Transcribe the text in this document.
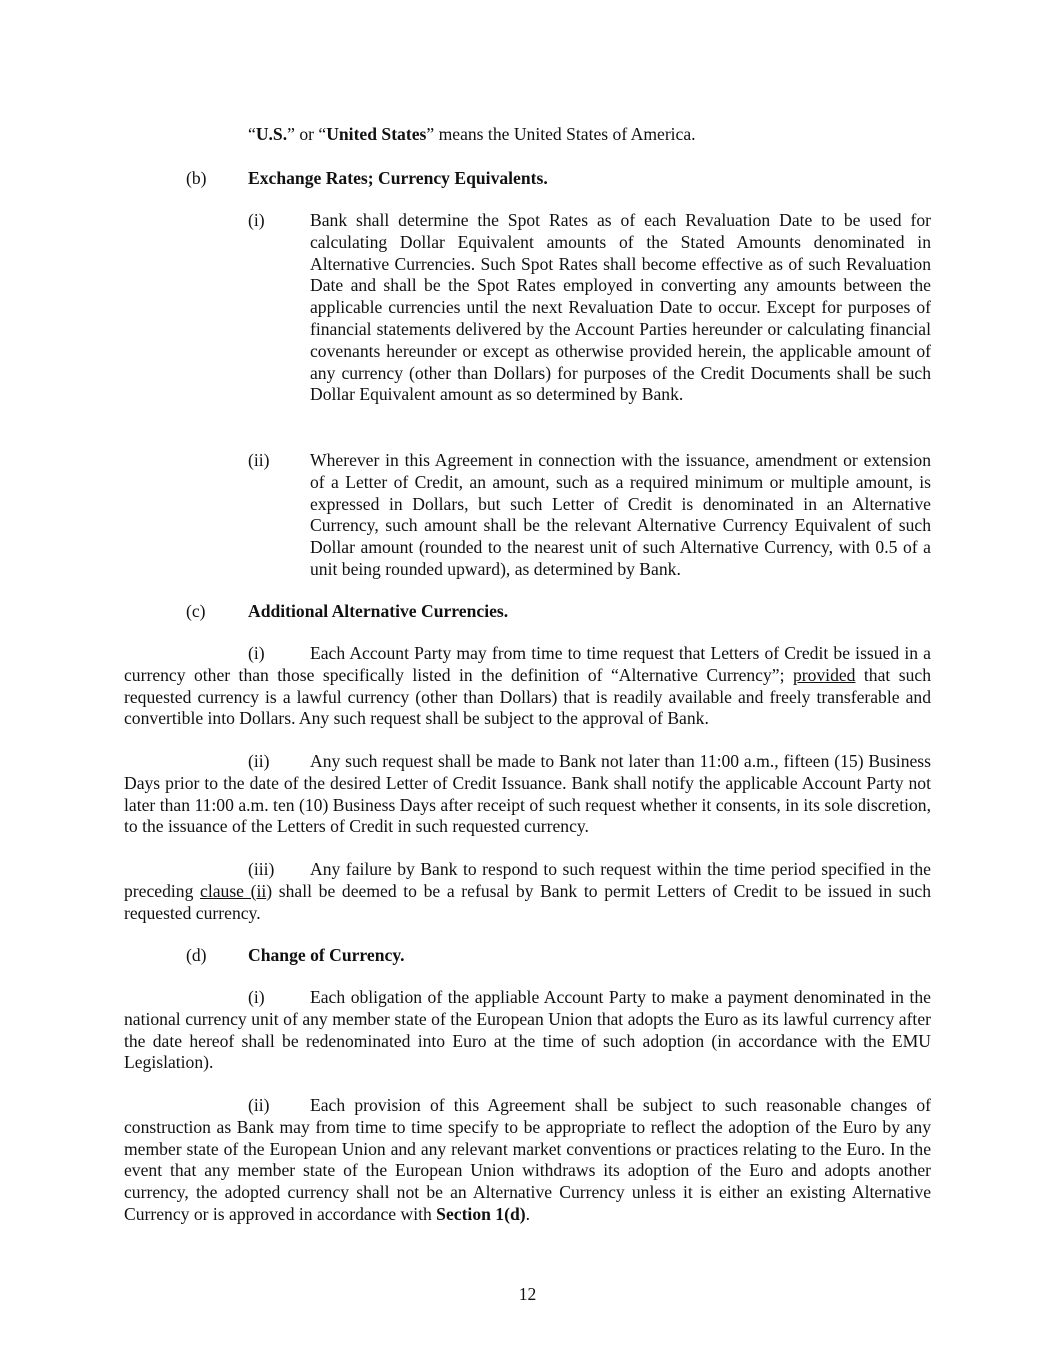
“U.S.” or “United States” means the United States of America.
(b) Exchange Rates; Currency Equivalents.
(i)	Bank shall determine the Spot Rates as of each Revaluation Date to be used for calculating Dollar Equivalent amounts of the Stated Amounts denominated in Alternative Currencies. Such Spot Rates shall become effective as of such Revaluation Date and shall be the Spot Rates employed in converting any amounts between the applicable currencies until the next Revaluation Date to occur. Except for purposes of financial statements delivered by the Account Parties hereunder or calculating financial covenants hereunder or except as otherwise provided herein, the applicable amount of any currency (other than Dollars) for purposes of the Credit Documents shall be such Dollar Equivalent amount as so determined by Bank.
(ii) Wherever in this Agreement in connection with the issuance, amendment or extension of a Letter of Credit, an amount, such as a required minimum or multiple amount, is expressed in Dollars, but such Letter of Credit is denominated in an Alternative Currency, such amount shall be the relevant Alternative Currency Equivalent of such Dollar amount (rounded to the nearest unit of such Alternative Currency, with 0.5 of a unit being rounded upward), as determined by Bank.
(c) Additional Alternative Currencies.
(i)	Each Account Party may from time to time request that Letters of Credit be issued in a currency other than those specifically listed in the definition of “Alternative Currency”; provided that such requested currency is a lawful currency (other than Dollars) that is readily available and freely transferable and convertible into Dollars. Any such request shall be subject to the approval of Bank.
(ii) Any such request shall be made to Bank not later than 11:00 a.m., fifteen (15) Business Days prior to the date of the desired Letter of Credit Issuance. Bank shall notify the applicable Account Party not later than 11:00 a.m. ten (10) Business Days after receipt of such request whether it consents, in its sole discretion, to the issuance of the Letters of Credit in such requested currency.
(iii) Any failure by Bank to respond to such request within the time period specified in the preceding clause (ii) shall be deemed to be a refusal by Bank to permit Letters of Credit to be issued in such requested currency.
(d) Change of Currency.
(i)	Each obligation of the appliable Account Party to make a payment denominated in the national currency unit of any member state of the European Union that adopts the Euro as its lawful currency after the date hereof shall be redenominated into Euro at the time of such adoption (in accordance with the EMU Legislation).
(ii) Each provision of this Agreement shall be subject to such reasonable changes of construction as Bank may from time to time specify to be appropriate to reflect the adoption of the Euro by any member state of the European Union and any relevant market conventions or practices relating to the Euro. In the event that any member state of the European Union withdraws its adoption of the Euro and adopts another currency, the adopted currency shall not be an Alternative Currency unless it is either an existing Alternative Currency or is approved in accordance with Section 1(d).
12
